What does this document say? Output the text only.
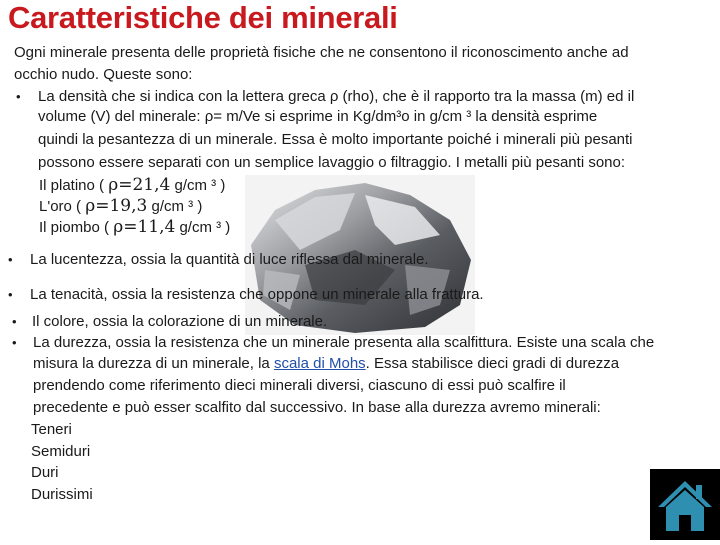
Caratteristiche dei minerali
Ogni minerale presenta delle proprietà fisiche che ne consentono il riconoscimento anche ad
occhio nudo. Queste sono:
• La densità che si indica con la lettera greca ρ (rho), che è il rapporto tra la massa (m) ed il
volume (V) del minerale: ρ= m/Ve si esprime in Kg/dm³o in g/cm ³ la densità esprime
quindi la pesantezza di un minerale. Essa è molto importante poiché i minerali più pesanti
possono essere separati con un semplice lavaggio o filtraggio. I metalli più pesanti sono:
Il platino ( ρ=21,4 g/cm ³ )
L'oro ( ρ=19,3 g/cm ³ )
Il piombo ( ρ=11,4 g/cm ³ )
• La lucentezza, ossia la quantità di luce riflessa dal minerale.
• La tenacità, ossia la resistenza che oppone un minerale alla frattura.
• Il colore, ossia la colorazione di un minerale.
• La durezza, ossia la resistenza che un minerale presenta alla scalfittura. Esiste una scala che
misura la durezza di un minerale, la scala di Mohs. Essa stabilisce dieci gradi di durezza
prendendo come riferimento dieci minerali diversi, ciascuno di essi può scalfire il
precedente e può esser scalfito dal successivo. In base alla durezza avremo minerali:
Teneri
Semiduri
Duri
Durissimi
